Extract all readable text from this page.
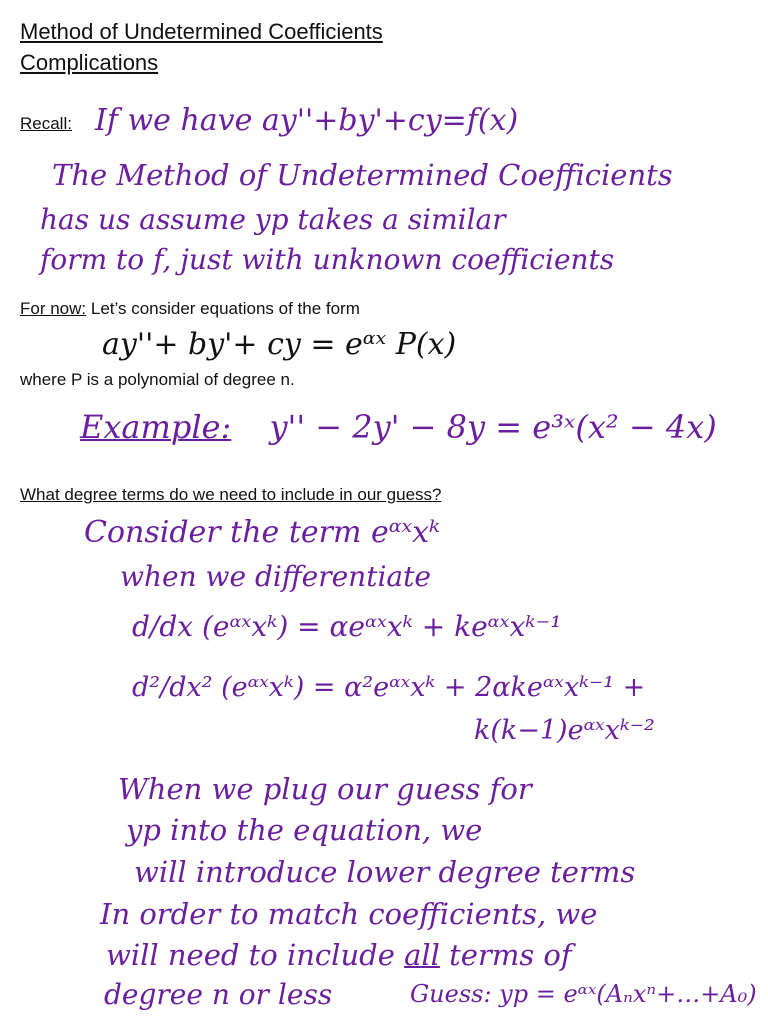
Method of Undetermined Coefficients
Complications
Recall: If we have ay''+by'+cy=f(x)
The Method of Undetermined Coefficients
has us assume yp takes a similar
form to f, just with unknown coefficients
For now: Let’s consider equations of the form
ay''+ by'+ cy = eᵅˣ P(x)
where P is a polynomial of degree n.
Example: y'' − 2y' − 8y = e³ˣ(x² − 4x)
What degree terms do we need to include in our guess?
Consider the term eᵅˣxᵏ
when we differentiate
d/dx (eᵅˣxᵏ) = αeᵅˣxᵏ + keᵅˣxᵏ⁻¹
d²/dx² (eᵅˣxᵏ) = α²eᵅˣxᵏ + 2αkeᵅˣxᵏ⁻¹ +
k(k−1)eᵅˣxᵏ⁻²
When we plug our guess for
yp into the equation, we
will introduce lower degree terms
In order to match coefficients, we
will need to include all terms of
degree n or less	Guess: yp = eᵅˣ(Aₙxⁿ+…+A₀)
